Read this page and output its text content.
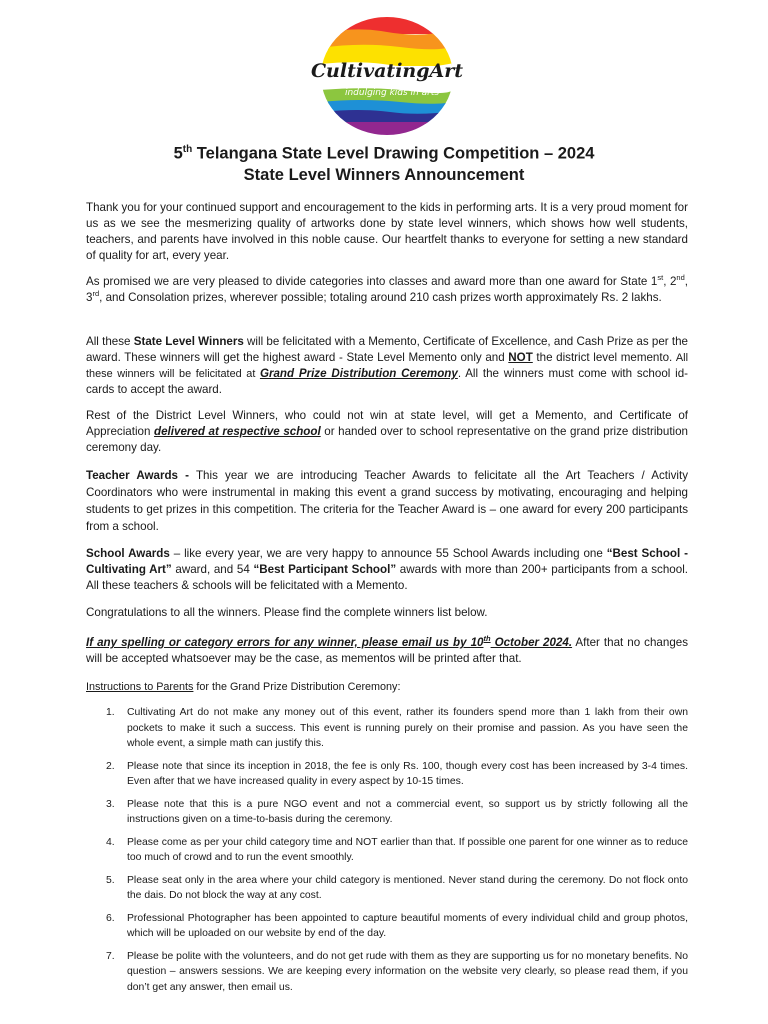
CultivatingArt
indulging kids in arts
5th Telangana State Level Drawing Competition – 2024
State Level Winners Announcement

Thank you for your continued support and encouragement to the kids in performing arts. It is a very proud moment for us as we see the mesmerizing quality of artworks done by state level winners, which shows how well students, teachers, and parents have involved in this noble cause. Our heartfelt thanks to everyone for setting a new standard of quality for art, every year.

As promised we are very pleased to divide categories into classes and award more than one award for State 1st, 2nd, 3rd, and Consolation prizes, wherever possible; totaling around 210 cash prizes worth approximately Rs. 2 lakhs.

All these State Level Winners will be felicitated with a Memento, Certificate of Excellence, and Cash Prize as per the award. These winners will get the highest award - State Level Memento only and NOT the district level memento. All these winners will be felicitated at Grand Prize Distribution Ceremony. All the winners must come with school id-cards to accept the award.

Rest of the District Level Winners, who could not win at state level, will get a Memento, and Certificate of Appreciation delivered at respective school or handed over to school representative on the grand prize distribution ceremony day.

Teacher Awards - This year we are introducing Teacher Awards to felicitate all the Art Teachers / Activity Coordinators who were instrumental in making this event a grand success by motivating, encouraging and helping students to get prizes in this competition. The criteria for the Teacher Award is – one award for every 200 participants from a school.

School Awards – like every year, we are very happy to announce 55 School Awards including one “Best School - Cultivating Art” award, and 54 “Best Participant School” awards with more than 200+ participants from a school. All these teachers & schools will be felicitated with a Memento.

Congratulations to all the winners. Please find the complete winners list below.

If any spelling or category errors for any winner, please email us by 10th October 2024. After that no changes will be accepted whatsoever may be the case, as mementos will be printed after that.

Instructions to Parents for the Grand Prize Distribution Ceremony:

1. Cultivating Art do not make any money out of this event, rather its founders spend more than 1 lakh from their own pockets to make it such a success. This event is running purely on their promise and passion. As you have seen the whole event, a simple math can justify this.
2. Please note that since its inception in 2018, the fee is only Rs. 100, though every cost has been increased by 3-4 times. Even after that we have increased quality in every aspect by 10-15 times.
3. Please note that this is a pure NGO event and not a commercial event, so support us by strictly following all the instructions given on a time-to-basis during the ceremony.
4. Please come as per your child category time and NOT earlier than that. If possible one parent for one winner as to reduce too much of crowd and to run the event smoothly.
5. Please seat only in the area where your child category is mentioned. Never stand during the ceremony. Do not flock onto the dais. Do not block the way at any cost.
6. Professional Photographer has been appointed to capture beautiful moments of every individual child and group photos, which will be uploaded on our website by end of the day.
7. Please be polite with the volunteers, and do not get rude with them as they are supporting us for no monetary benefits. No question – answers sessions. We are keeping every information on the website very clearly, so please read them, if you don’t get any answer, then email us.
